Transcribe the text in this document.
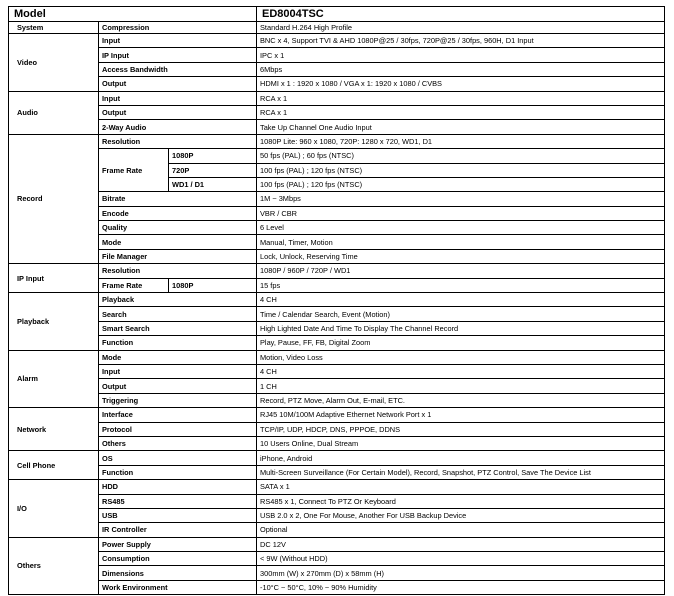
Model			ED8004TSC
System	Compression		Standard H.264 High Profile
Video	Input		BNC x 4, Support TVI & AHD 1080P@25 / 30fps, 720P@25 / 30fps, 960H, D1 Input
	IP Input		IPC x 1
	Access Bandwidth		6Mbps
	Output		HDMI x 1 : 1920 x 1080 / VGA x 1: 1920 x 1080 / CVBS
Audio	Input		RCA x 1
	Output		RCA x 1
	2-Way Audio		Take Up Channel One Audio Input
Record	Resolution		1080P Lite: 960 x 1080, 720P: 1280 x 720, WD1, D1
	Frame Rate	1080P	50 fps (PAL) ; 60 fps (NTSC)
		720P	100 fps (PAL) ; 120 fps (NTSC)
		WD1 / D1	100 fps (PAL) ; 120 fps (NTSC)
	Bitrate		1M ~ 3Mbps
	Encode		VBR / CBR
	Quality		6 Level
	Mode		Manual, Timer, Motion
	File Manager		Lock, Unlock, Reserving Time
IP Input	Resolution		1080P / 960P / 720P / WD1
	Frame Rate	1080P	15 fps
Playback	Playback		4 CH
	Search		Time / Calendar Search, Event (Motion)
	Smart Search		High Lighted Date And Time To Display The Channel Record
	Function		Play, Pause, FF, FB, Digital Zoom
Alarm	Mode		Motion, Video Loss
	Input		4 CH
	Output		1 CH
	Triggering		Record, PTZ Move, Alarm Out, E-mail, ETC.
Network	Interface		RJ45 10M/100M Adaptive Ethernet Network Port x 1
	Protocol		TCP/IP, UDP, HDCP, DNS, PPPOE, DDNS
	Others		10 Users Online, Dual Stream
Cell Phone	OS		iPhone, Android
	Function		Multi-Screen Surveillance (For Certain Model), Record, Snapshot, PTZ Control, Save The Device List
I/O	HDD		SATA x 1
	RS485		RS485 x 1, Connect To PTZ Or Keyboard
	USB		USB 2.0 x 2, One For Mouse, Another For USB Backup Device
	IR Controller		Optional
Others	Power Supply		DC 12V
	Consumption		< 9W (Without HDD)
	Dimensions		300mm (W) x 270mm (D) x 58mm (H)
	Work Environment		-10°C ~ 50°C, 10% ~ 90% Humidity
